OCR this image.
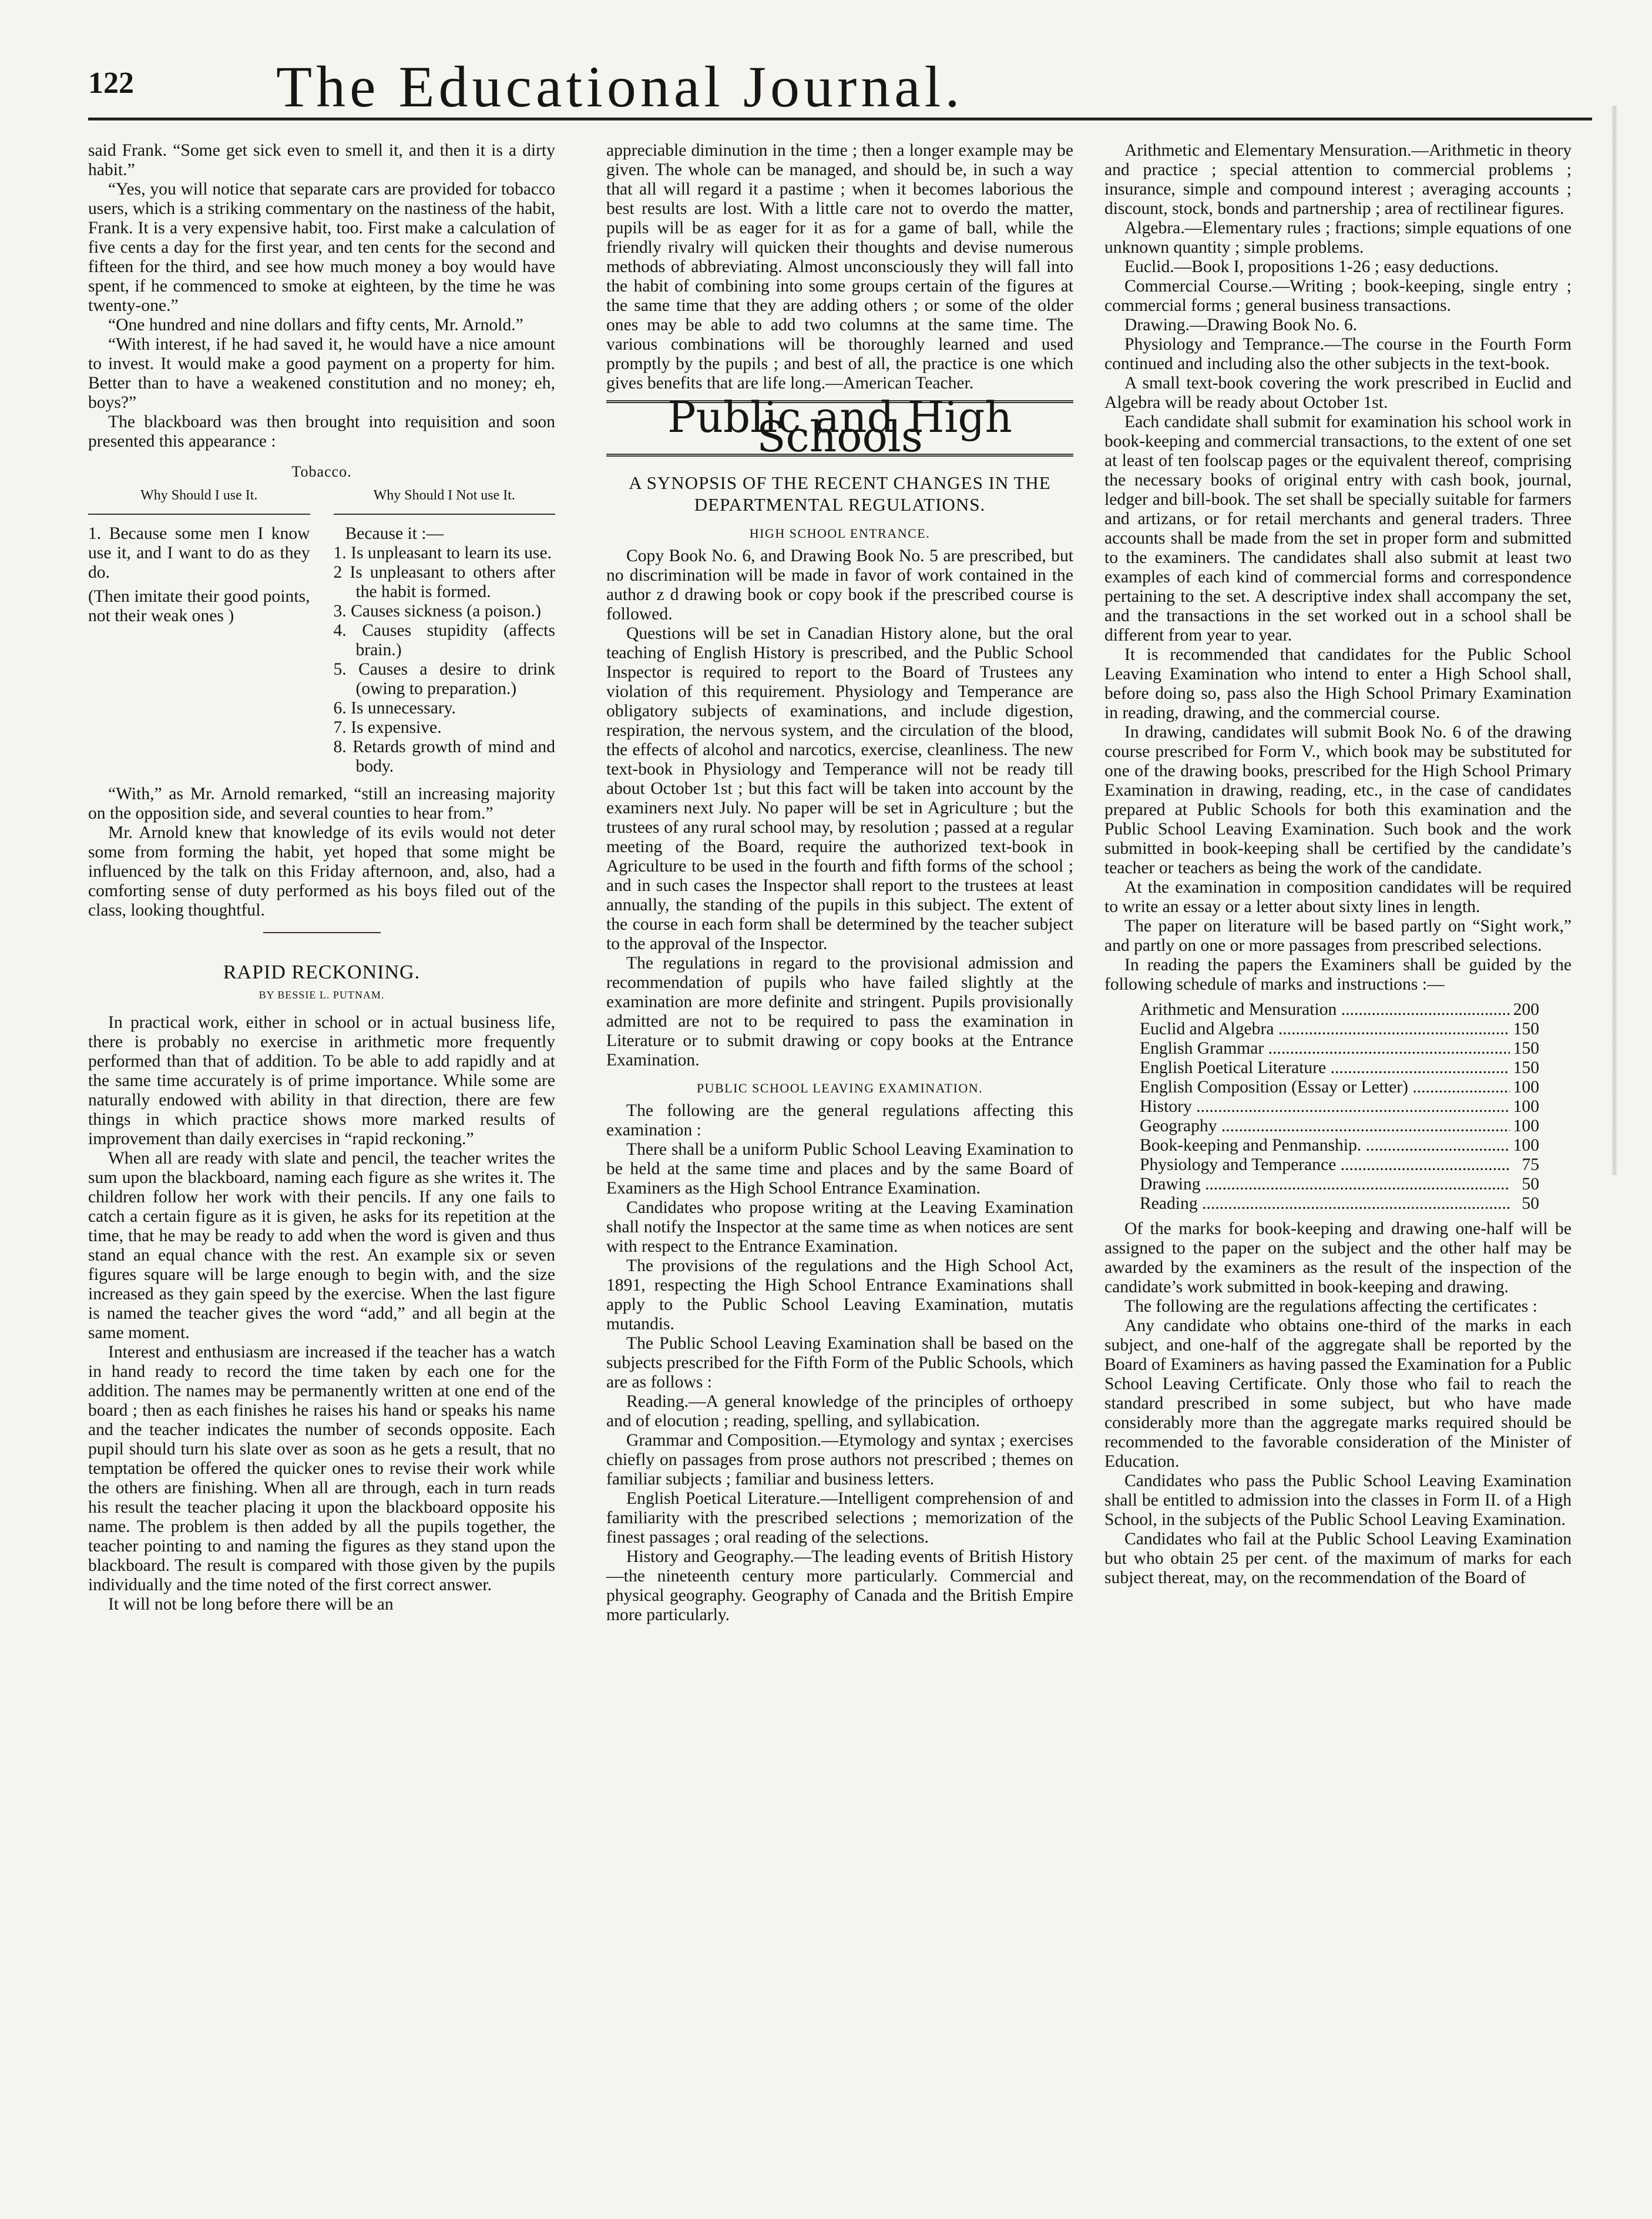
122 The Educational Journal.

said Frank. “Some get sick even to smell it, and then it is a dirty habit.”

“Yes, you will notice that separate cars are provided for tobacco users, which is a striking commentary on the nastiness of the habit, Frank. It is a very expensive habit, too. First make a calculation of five cents a day for the first year, and ten cents for the second and fifteen for the third, and see how much money a boy would have spent, if he commenced to smoke at eighteen, by the time he was twenty-one.”

“One hundred and nine dollars and fifty cents, Mr. Arnold.”

“With interest, if he had saved it, he would have a nice amount to invest. It would make a good payment on a property for him. Better than to have a weakened constitution and no money; eh, boys?”

The blackboard was then brought into requisition and soon presented this appearance :

Tobacco.
Why Should I use It.	Why Should I Not use It.

1. Because some men I know use it, and I want to do as they do.

(Then imitate their good points, not their weak ones )

Because it :—

1. Is unpleasant to learn its use.
2 Is unpleasant to others after the habit is formed.
3. Causes sickness (a poison.)
4. Causes stupidity (affects brain.)
5. Causes a desire to drink (owing to preparation.)
6. Is unnecessary.
7. Is expensive.
8. Retards growth of mind and body.

“With,” as Mr. Arnold remarked, “still an increasing majority on the opposition side, and several counties to hear from.”

Mr. Arnold knew that knowledge of its evils would not deter some from forming the habit, yet hoped that some might be influenced by the talk on this Friday afternoon, and, also, had a comforting sense of duty performed as his boys filed out of the class, looking thoughtful.

RAPID RECKONING.
BY BESSIE L. PUTNAM.

In practical work, either in school or in actual business life, there is probably no exercise in arithmetic more frequently performed than that of addition. To be able to add rapidly and at the same time accurately is of prime importance. While some are naturally endowed with ability in that direction, there are few things in which practice shows more marked results of improvement than daily exercises in “rapid reckoning.”

When all are ready with slate and pencil, the teacher writes the sum upon the blackboard, naming each figure as she writes it. The children follow her work with their pencils. If any one fails to catch a certain figure as it is given, he asks for its repetition at the time, that he may be ready to add when the word is given and thus stand an equal chance with the rest. An example six or seven figures square will be large enough to begin with, and the size increased as they gain speed by the exercise. When the last figure is named the teacher gives the word “add,” and all begin at the same moment.

Interest and enthusiasm are increased if the teacher has a watch in hand ready to record the time taken by each one for the addition. The names may be permanently written at one end of the board ; then as each finishes he raises his hand or speaks his name and the teacher indicates the number of seconds opposite. Each pupil should turn his slate over as soon as he gets a result, that no temptation be offered the quicker ones to revise their work while the others are finishing. When all are through, each in turn reads his result the teacher placing it upon the blackboard opposite his name. The problem is then added by all the pupils together, the teacher pointing to and naming the figures as they stand upon the blackboard. The result is compared with those given by the pupils individually and the time noted of the first correct answer.

It will not be long before there will be an

appreciable diminution in the time ; then a longer example may be given. The whole can be managed, and should be, in such a way that all will regard it a pastime ; when it becomes laborious the best results are lost. With a little care not to overdo the matter, pupils will be as eager for it as for a game of ball, while the friendly rivalry will quicken their thoughts and devise numerous methods of abbreviating. Almost unconsciously they will fall into the habit of combining into some groups certain of the figures at the same time that they are adding others ; or some of the older ones may be able to add two columns at the same time. The various combinations will be thoroughly learned and used promptly by the pupils ; and best of all, the practice is one which gives benefits that are life long.—American Teacher.

Public and High Schools
A SYNOPSIS OF THE RECENT CHANGES IN THE DEPARTMENTAL REGULATIONS.
HIGH SCHOOL ENTRANCE.

Copy Book No. 6, and Drawing Book No. 5 are prescribed, but no discrimination will be made in favor of work contained in the author z d drawing book or copy book if the prescribed course is followed.

Questions will be set in Canadian History alone, but the oral teaching of English History is prescribed, and the Public School Inspector is required to report to the Board of Trustees any violation of this requirement. Physiology and Temperance are obligatory subjects of examinations, and include digestion, respiration, the nervous system, and the circulation of the blood, the effects of alcohol and narcotics, exercise, cleanliness. The new text-book in Physiology and Temperance will not be ready till about October 1st ; but this fact will be taken into account by the examiners next July. No paper will be set in Agriculture ; but the trustees of any rural school may, by resolution ; passed at a regular meeting of the Board, require the authorized text-book in Agriculture to be used in the fourth and fifth forms of the school ; and in such cases the Inspector shall report to the trustees at least annually, the standing of the pupils in this subject. The extent of the course in each form shall be determined by the teacher subject to the approval of the Inspector.

The regulations in regard to the provisional admission and recommendation of pupils who have failed slightly at the examination are more definite and stringent. Pupils provisionally admitted are not to be required to pass the examination in Literature or to submit drawing or copy books at the Entrance Examination.

PUBLIC SCHOOL LEAVING EXAMINATION.

The following are the general regulations affecting this examination :

There shall be a uniform Public School Leaving Examination to be held at the same time and places and by the same Board of Examiners as the High School Entrance Examination.

Candidates who propose writing at the Leaving Examination shall notify the Inspector at the same time as when notices are sent with respect to the Entrance Examination.

The provisions of the regulations and the High School Act, 1891, respecting the High School Entrance Examinations shall apply to the Public School Leaving Examination, mutatis mutandis.

The Public School Leaving Examination shall be based on the subjects prescribed for the Fifth Form of the Public Schools, which are as follows :

Reading.—A general knowledge of the principles of orthoepy and of elocution ; reading, spelling, and syllabication.

Grammar and Composition.—Etymology and syntax ; exercises chiefly on passages from prose authors not prescribed ; themes on familiar subjects ; familiar and business letters.

English Poetical Literature.—Intelligent comprehension of and familiarity with the prescribed selections ; memorization of the finest passages ; oral reading of the selections.

History and Geography.—The leading events of British History—the nineteenth century more particularly. Commercial and physical geography. Geography of Canada and the British Empire more particularly.

Arithmetic and Elementary Mensuration.—Arithmetic in theory and practice ; special attention to commercial problems ; insurance, simple and compound interest ; averaging accounts ; discount, stock, bonds and partnership ; area of rectilinear figures.

Algebra.—Elementary rules ; fractions; simple equations of one unknown quantity ; simple problems.

Euclid.—Book I, propositions 1-26 ; easy deductions.

Commercial Course.—Writing ; book-keeping, single entry ; commercial forms ; general business transactions.

Drawing.—Drawing Book No. 6.

Physiology and Temprance.—The course in the Fourth Form continued and including also the other subjects in the text-book.

A small text-book covering the work prescribed in Euclid and Algebra will be ready about October 1st.

Each candidate shall submit for examination his school work in book-keeping and commercial transactions, to the extent of one set at least of ten foolscap pages or the equivalent thereof, comprising the necessary books of original entry with cash book, journal, ledger and bill-book. The set shall be specially suitable for farmers and artizans, or for retail merchants and general traders. Three accounts shall be made from the set in proper form and submitted to the examiners. The candidates shall also submit at least two examples of each kind of commercial forms and correspondence pertaining to the set. A descriptive index shall accompany the set, and the transactions in the set worked out in a school shall be different from year to year.

It is recommended that candidates for the Public School Leaving Examination who intend to enter a High School shall, before doing so, pass also the High School Primary Examination in reading, drawing, and the commercial course.

In drawing, candidates will submit Book No. 6 of the drawing course prescribed for Form V., which book may be substituted for one of the drawing books, prescribed for the High School Primary Examination in drawing, reading, etc., in the case of candidates prepared at Public Schools for both this examination and the Public School Leaving Examination. Such book and the work submitted in book-keeping shall be certified by the candidate’s teacher or teachers as being the work of the candidate.

At the examination in composition candidates will be required to write an essay or a letter about sixty lines in length.

The paper on literature will be based partly on “Sight work,” and partly on one or more passages from prescribed selections.

In reading the papers the Examiners shall be guided by the following schedule of marks and instructions :—

Arithmetic and Mensuration .....	200
Euclid and Algebra .....	150
English Grammar .....	150
English Poetical Literature .....	150
English Composition (Essay or Letter) .....	100
History .....	100
Geography .....	100
Book-keeping and Penmanship. .....	100
Physiology and Temperance .....	75
Drawing .....	50
Reading .....	50

Of the marks for book-keeping and drawing one-half will be assigned to the paper on the subject and the other half may be awarded by the examiners as the result of the inspection of the candidate’s work submitted in book-keeping and drawing.

The following are the regulations affecting the certificates :

Any candidate who obtains one-third of the marks in each subject, and one-half of the aggregate shall be reported by the Board of Examiners as having passed the Examination for a Public School Leaving Certificate. Only those who fail to reach the standard prescribed in some subject, but who have made considerably more than the aggregate marks required should be recommended to the favorable consideration of the Minister of Education.

Candidates who pass the Public School Leaving Examination shall be entitled to admission into the classes in Form II. of a High School, in the subjects of the Public School Leaving Examination.

Candidates who fail at the Public School Leaving Examination but who obtain 25 per cent. of the maximum of marks for each subject thereat, may, on the recommendation of the Board of
